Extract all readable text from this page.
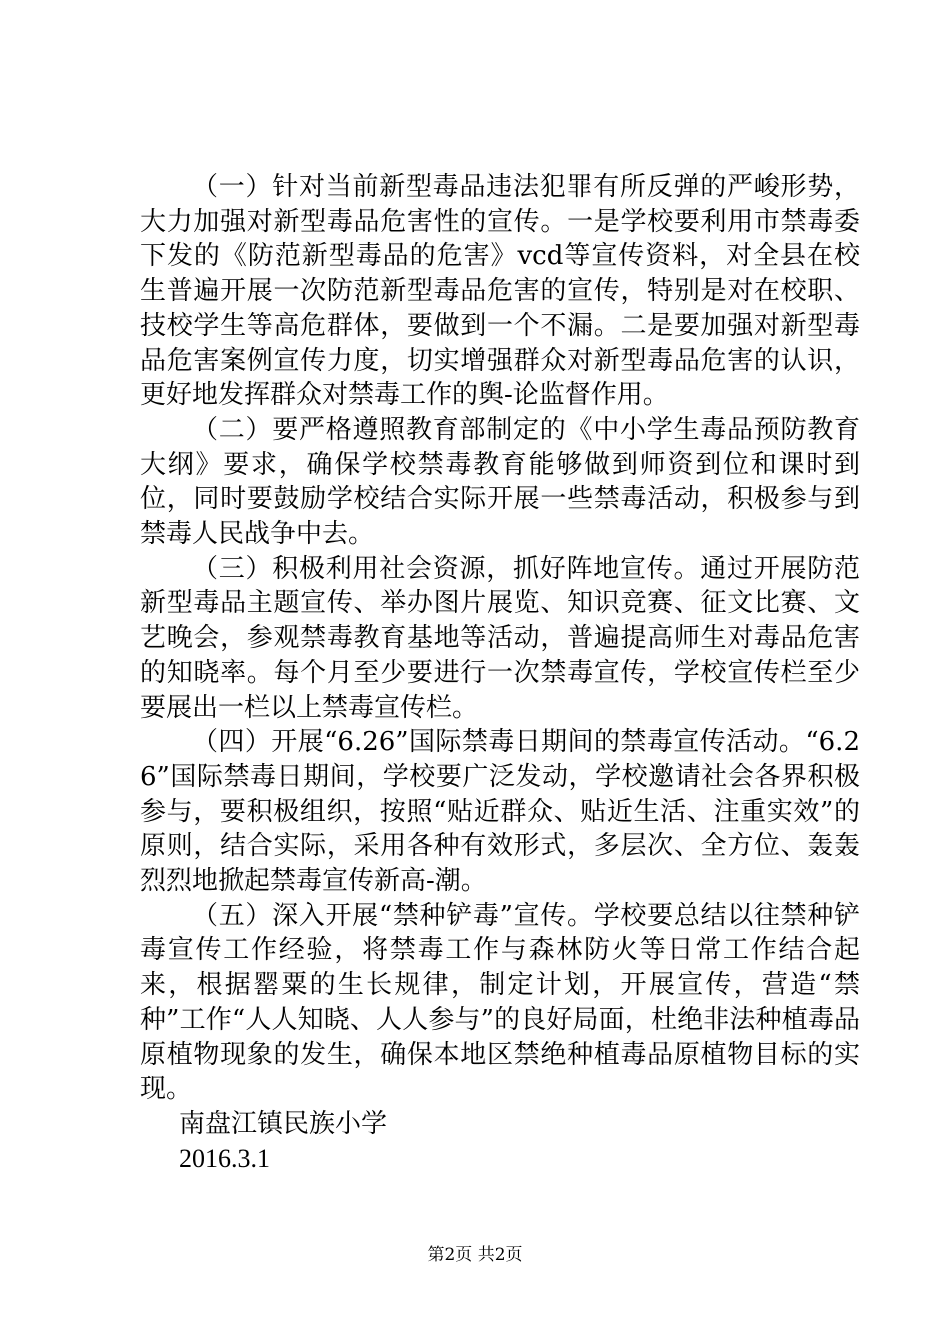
（一）针对当前新型毒品违法犯罪有所反弹的严峻形势，大力加强对新型毒品危害性的宣传。一是学校要利用市禁毒委下发的《防范新型毒品的危害》vcd等宣传资料，对全县在校生普遍开展一次防范新型毒品危害的宣传，特别是对在校职、技校学生等高危群体，要做到一个不漏。二是要加强对新型毒品危害案例宣传力度，切实增强群众对新型毒品危害的认识，更好地发挥群众对禁毒工作的舆-论监督作用。

（二）要严格遵照教育部制定的《中小学生毒品预防教育大纲》要求，确保学校禁毒教育能够做到师资到位和课时到位，同时要鼓励学校结合实际开展一些禁毒活动，积极参与到禁毒人民战争中去。

（三）积极利用社会资源，抓好阵地宣传。通过开展防范新型毒品主题宣传、举办图片展览、知识竞赛、征文比赛、文艺晚会，参观禁毒教育基地等活动，普遍提高师生对毒品危害的知晓率。每个月至少要进行一次禁毒宣传，学校宣传栏至少要展出一栏以上禁毒宣传栏。

（四）开展“6.26”国际禁毒日期间的禁毒宣传活动。“6.26”国际禁毒日期间，学校要广泛发动，学校邀请社会各界积极参与，要积极组织，按照“贴近群众、贴近生活、注重实效”的原则，结合实际，采用各种有效形式，多层次、全方位、轰轰烈烈地掀起禁毒宣传新高-潮。

（五）深入开展“禁种铲毒”宣传。学校要总结以往禁种铲毒宣传工作经验，将禁毒工作与森林防火等日常工作结合起来，根据罂粟的生长规律，制定计划，开展宣传，营造“禁种”工作“人人知晓、人人参与”的良好局面，杜绝非法种植毒品原植物现象的发生，确保本地区禁绝种植毒品原植物目标的实现。

南盘江镇民族小学

2016.3.1

第2页 共2页
